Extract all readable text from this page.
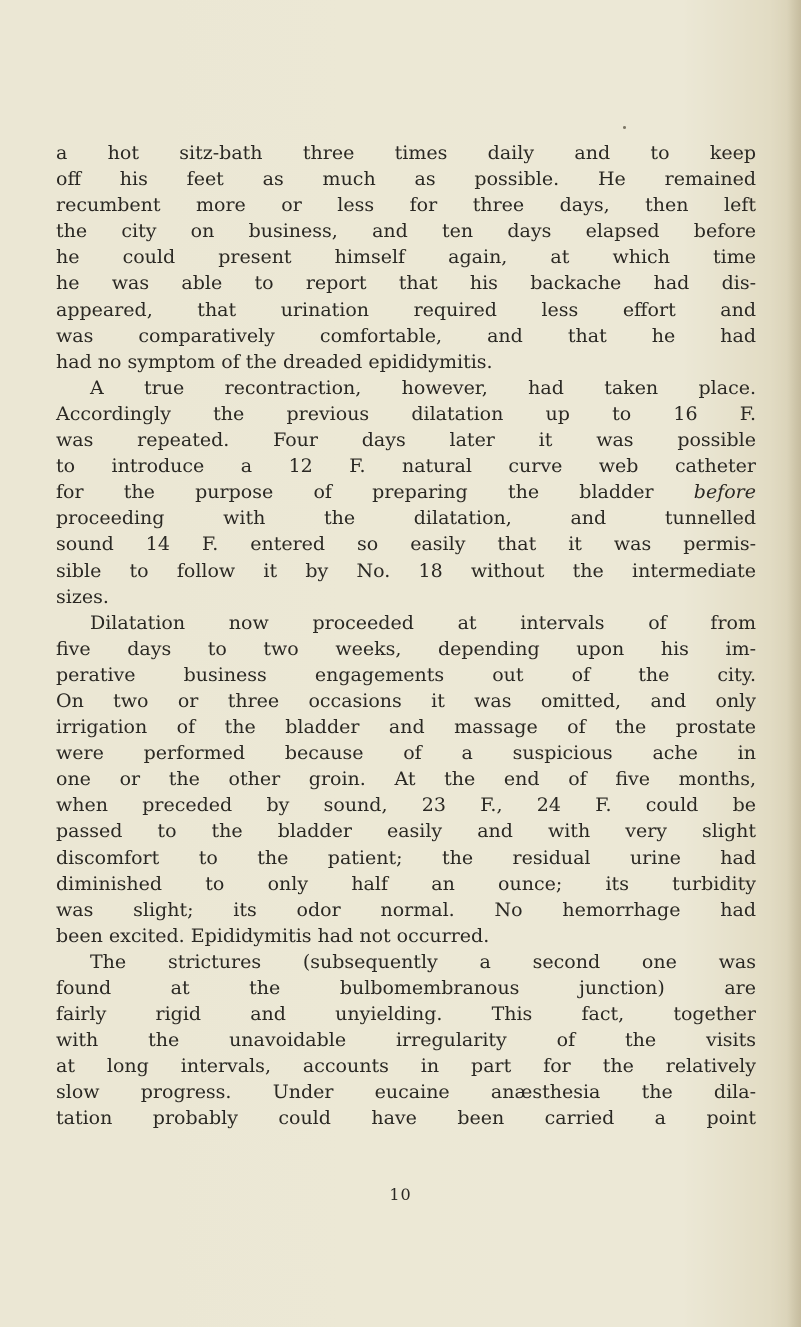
a hot sitz-bath three times daily and to keep
off his feet as much as possible. He remained
recumbent more or less for three days, then left
the city on business, and ten days elapsed before
he could present himself again, at which time
he was able to report that his backache had dis-
appeared, that urination required less effort and
was comparatively comfortable, and that he had
had no symptom of the dreaded epididymitis.
A true recontraction, however, had taken place.
Accordingly the previous dilatation up to 16 F.
was repeated. Four days later it was possible
to introduce a 12 F. natural curve web catheter
for the purpose of preparing the bladder before
proceeding with the dilatation, and tunnelled
sound 14 F. entered so easily that it was permis-
sible to follow it by No. 18 without the intermediate
sizes.
Dilatation now proceeded at intervals of from
five days to two weeks, depending upon his im-
perative business engagements out of the city.
On two or three occasions it was omitted, and only
irrigation of the bladder and massage of the prostate
were performed because of a suspicious ache in
one or the other groin. At the end of five months,
when preceded by sound, 23 F., 24 F. could be
passed to the bladder easily and with very slight
discomfort to the patient; the residual urine had
diminished to only half an ounce; its turbidity
was slight; its odor normal. No hemorrhage had
been excited. Epididymitis had not occurred.
The strictures (subsequently a second one was
found at the bulbomembranous junction) are
fairly rigid and unyielding. This fact, together
with the unavoidable irregularity of the visits
at long intervals, accounts in part for the relatively
slow progress. Under eucaine anæsthesia the dila-
tation probably could have been carried a point
10
